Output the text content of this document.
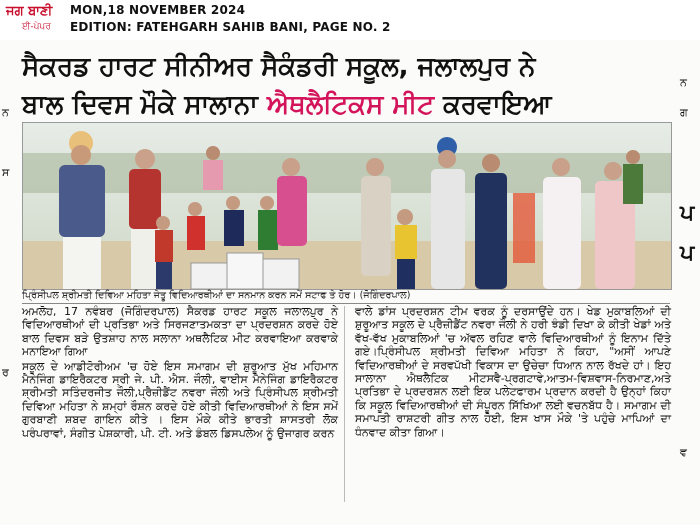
ਜਗ ਬਾਣੀ
ਈ-ਪੇਪਰ
MON,18 NOVEMBER 2024
EDITION: FATEHGARH SAHIB BANI, PAGE NO. 2
ਨ
ਸ
ਰ
ਨ
ਗ
ਪ
ਪ
ਵ
ਸੈਕਰਡ ਹਾਰਟ ਸੀਨੀਅਰ ਸੈਕੰਡਰੀ ਸਕੂਲ, ਜਲਾਲਪੁਰ ਨੇ
ਬਾਲ ਦਿਵਸ ਮੌਕੇ ਸਾਲਾਨਾ ਐਥਲੈਟਿਕਸ ਮੀਟ ਕਰਵਾਇਆ
ਪ੍ਰਿੰਸੀਪਲ ਸ਼੍ਰੀਮਤੀ ਦਿਵਿਆ ਮਹਿਤਾ ਜੇਤੂ ਵਿਦਿਆਰਥੀਆਂ ਦਾ ਸਨਮਾਨ ਕਰਨ ਸਮੇਂ ਸਟਾਫ ਤੇ ਹੋਰ। (ਜੋਗਿੰਦਰਪਾਲ)

ਅਮਲੋਹ, 17 ਨਵੰਬਰ (ਜੋਗਿੰਦਰਪਾਲ) ਸੈਕਰਡ ਹਾਰਟ ਸਕੂਲ ਜਲਾਲਪੁਰ ਨੇ ਵਿਦਿਆਰਥੀਆਂ ਦੀ ਪ੍ਰਤਿਭਾ ਅਤੇ ਸਿਰਜਣਾਤਮਕਤਾ ਦਾ ਪ੍ਰਦਰਸ਼ਨ ਕਰਦੇ ਹੋਏ ਬਾਲ ਦਿਵਸ ਬੜੇ ਉਤਸ਼ਾਹ ਨਾਲ ਸਲਾਨਾ ਅਥਲੈਟਿਕ ਮੀਟ ਕਰਵਾਇਆ ਕਰਵਾਕੇ ਮਨਾਇਆ ਗਿਆ

ਸਕੂਲ ਦੇ ਆਡੀਟੋਰੀਅਮ 'ਚ ਹੋਏ ਇਸ ਸਮਾਗਮ ਦੀ ਸ਼ੁਰੂਆਤ ਮੁੱਖ ਮਹਿਮਾਨ ਮੈਨੇਜਿੰਗ ਡਾਇਰੈਕਟਰ ਸ੍ਰੀ ਜੇ. ਪੀ. ਐਸ. ਜੌਲੀ, ਵਾਈਸ ਮੈਨੇਜਿੰਗ ਡਾਇਰੈਕਟਰ ਸ਼੍ਰੀਮਤੀ ਸਤਿੰਦਰਜੀਤ ਜੌਲੀ,ਪ੍ਰੈਜ਼ੀਡੈਂਟ ਨਵਰਾ ਜੌਲੀ ਅਤੇ ਪ੍ਰਿੰਸੀਪਲ ਸ਼੍ਰੀਮਤੀ ਦਿਵਿਆ ਮਹਿਤਾ ਨੇ ਸ਼ਮ੍ਹਾਂ ਰੌਸ਼ਨ ਕਰਦੇ ਹੋਏ ਕੀਤੀ ਵਿਦਿਆਰਥੀਆਂ ਨੇ ਇਸ ਸਮੇਂ ਗੁਰਬਾਣੀ ਸ਼ਬਦ ਗਾਇਨ ਕੀਤੇ । ਇਸ ਮੌਕੇ ਕੀਤੇ ਭਾਰਤੀ ਸ਼ਾਸਤਰੀ ਲੋਕ ਪਰੰਪਰਾਵਾਂ, ਸੰਗੀਤ ਪੇਸ਼ਕਾਰੀ, ਪੀ. ਟੀ. ਅਤੇ ਡੰਬਲ ਡਿਸਪਲੇਅ ਨੂੰ ਉਜਾਗਰ ਕਰਨ

ਵਾਲੇ ਡਾਂਸ ਪ੍ਰਦਰਸ਼ਨ ਟੀਮ ਵਰਕ ਨੂੰ ਦਰਸਾਉਂਦੇ ਹਨ। ਖੇਡ ਮੁਕਾਬਲਿਆਂ ਦੀ ਸ਼ੁਰੂਆਤ ਸਕੂਲ ਦੇ ਪ੍ਰੈਜ਼ੀਡੈਂਟ ਨਵਰਾ ਜੌਲੀ ਨੇ ਹਰੀ ਝੰਡੀ ਦਿਖਾ ਕੇ ਕੀਤੀ ਖੇਡਾਂ ਅਤੇ ਵੱਖ-ਵੱਖ ਮੁਕਾਬਲਿਆਂ 'ਚ ਅੱਵਲ ਰਹਿਣ ਵਾਲੇ ਵਿਦਿਆਰਥੀਆਂ ਨੂੰ ਇਨਾਮ ਦਿੱਤੇ ਗਏ।ਪ੍ਰਿੰਸੀਪਲ ਸ਼੍ਰੀਮਤੀ ਦਿਵਿਆ ਮਹਿਤਾ ਨੇ ਕਿਹਾ, "ਅਸੀਂ ਆਪਣੇ ਵਿਦਿਆਰਥੀਆਂ ਦੇ ਸਰਵਪੱਖੀ ਵਿਕਾਸ ਦਾ ਉਚੇਚਾ ਧਿਆਨ ਨਾਲ ਰੱਖਦੇ ਹਾਂ। ਇਹ ਸਾਲਾਨਾ ਐਥਲੈਟਿਕ ਮੀਟਸਵੈ-ਪ੍ਰਗਟਾਵੇ,ਆਤਮ-ਵਿਸ਼ਵਾਸ-ਨਿਰਮਾਣ,ਅਤੇ ਪ੍ਰਤਿਭਾ ਦੇ ਪ੍ਰਦਰਸ਼ਨ ਲਈ ਇਕ ਪਲੇਟਫਾਰਮ ਪ੍ਰਦਾਨ ਕਰਦੀ ਹੈ ਉਨ੍ਹਾਂ ਕਿਹਾ ਕਿ ਸਕੂਲ ਵਿਦਿਆਰਥੀਆਂ ਦੀ ਸੰਪੂਰਨ ਸਿੱਖਿਆ ਲਈ ਵਚਨਬੱਧ ਹੈ। ਸਮਾਗਮ ਦੀ ਸਮਾਪਤੀ ਰਾਸ਼ਟਰੀ ਗੀਤ ਨਾਲ ਹੋਈ, ਇਸ ਖਾਸ ਮੌਕੇ 'ਤੇ ਪਹੁੰਚੇ ਮਾਪਿਆਂ ਦਾ ਧੰਨਵਾਦ ਕੀਤਾ ਗਿਆ।
